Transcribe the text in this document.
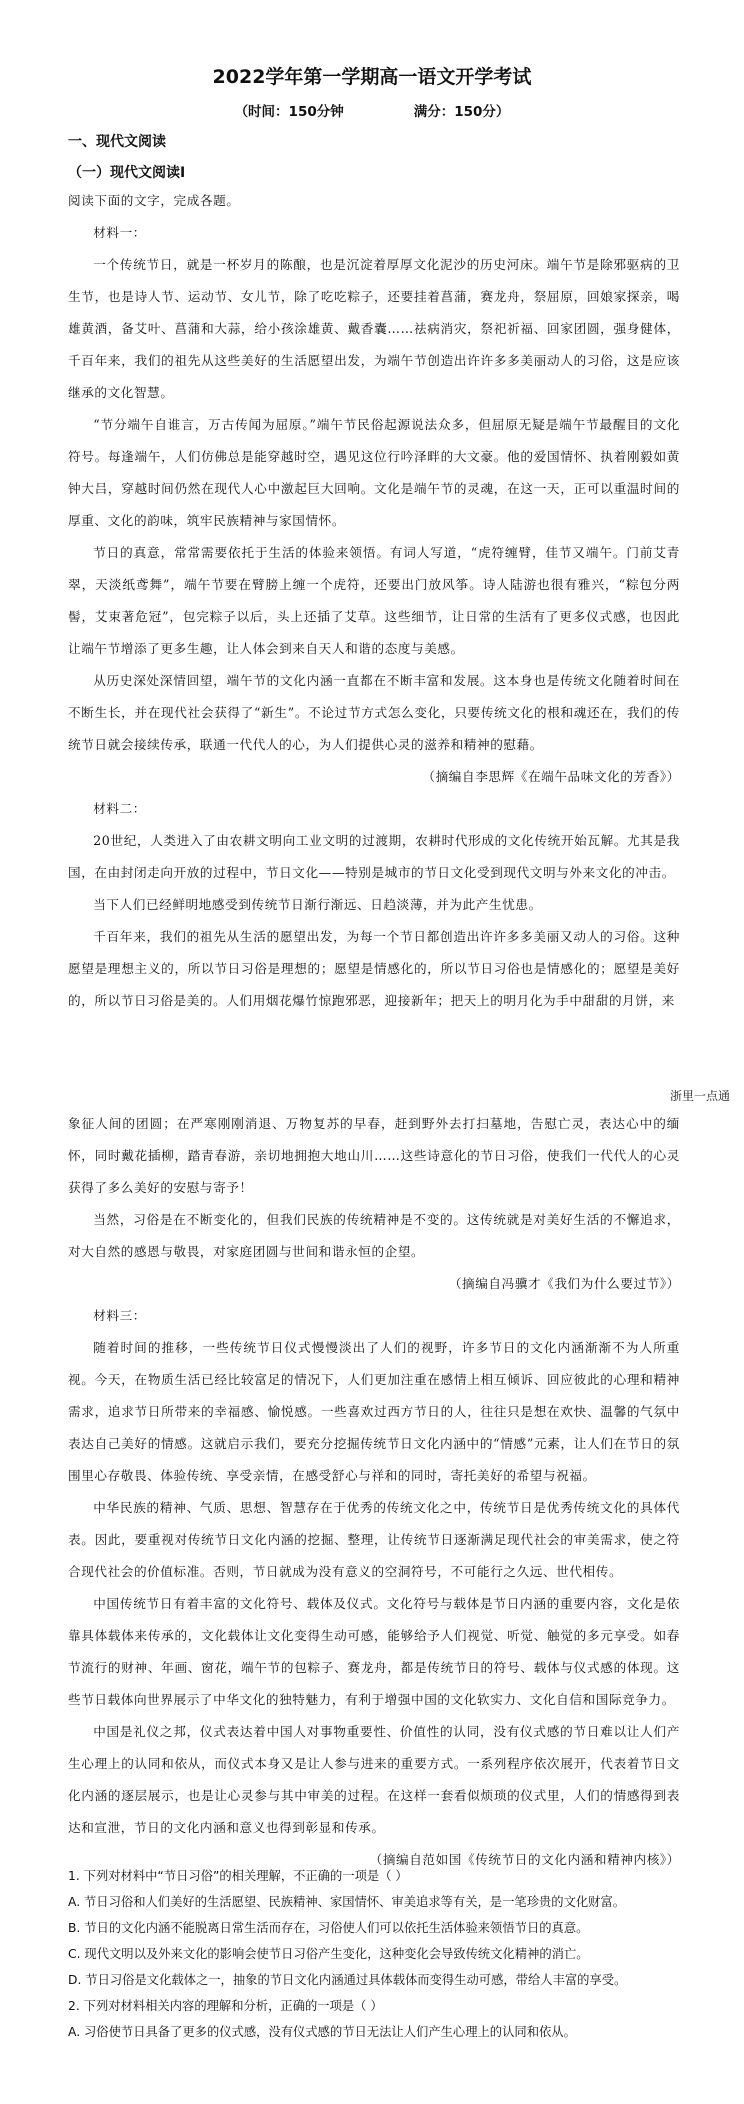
2022学年第一学期高一语文开学考试
（时间：150分钟	满分：150分）
一、现代文阅读
（一）现代文阅读Ⅰ

阅读下面的文字，完成各题。

材料一：

一个传统节日，就是一杯岁月的陈酿，也是沉淀着厚厚文化泥沙的历史河床。端午节是除邪驱病的卫生节，也是诗人节、运动节、女儿节，除了吃吃粽子，还要挂着菖蒲，赛龙舟，祭屈原，回娘家探亲，喝雄黄酒，备艾叶、菖蒲和大蒜，给小孩涂雄黄、戴香囊……祛病消灾，祭祀祈福、回家团圆，强身健体，千百年来，我们的祖先从这些美好的生活愿望出发，为端午节创造出许许多多美丽动人的习俗，这是应该继承的文化智慧。

“节分端午自谁言，万古传闻为屈原。”端午节民俗起源说法众多，但屈原无疑是端午节最醒目的文化符号。每逢端午，人们仿佛总是能穿越时空，遇见这位行吟泽畔的大文豪。他的爱国情怀、执着刚毅如黄钟大吕，穿越时间仍然在现代人心中激起巨大回响。文化是端午节的灵魂，在这一天，正可以重温时间的厚重、文化的韵味，筑牢民族精神与家国情怀。

节日的真意，常常需要依托于生活的体验来领悟。有词人写道，“虎符缠臂，佳节又端午。门前艾青翠，天淡纸鸢舞”，端午节要在臂膀上缠一个虎符，还要出门放风筝。诗人陆游也很有雅兴，“粽包分两髻，艾束著危冠”，包完粽子以后，头上还插了艾草。这些细节，让日常的生活有了更多仪式感，也因此让端午节增添了更多生趣，让人体会到来自天人和谐的态度与美感。

从历史深处深情回望，端午节的文化内涵一直都在不断丰富和发展。这本身也是传统文化随着时间在不断生长，并在现代社会获得了“新生”。不论过节方式怎么变化，只要传统文化的根和魂还在，我们的传统节日就会接续传承，联通一代代人的心，为人们提供心灵的滋养和精神的慰藉。

（摘编自李思辉《在端午品味文化的芳香》）

材料二：

20世纪，人类进入了由农耕文明向工业文明的过渡期，农耕时代形成的文化传统开始瓦解。尤其是我国，在由封闭走向开放的过程中，节日文化——特别是城市的节日文化受到现代文明与外来文化的冲击。

当下人们已经鲜明地感受到传统节日渐行渐远、日趋淡薄，并为此产生忧患。

千百年来，我们的祖先从生活的愿望出发，为每一个节日都创造出许许多多美丽又动人的习俗。这种愿望是理想主义的，所以节日习俗是理想的；愿望是情感化的，所以节日习俗也是情感化的；愿望是美好的，所以节日习俗是美的。人们用烟花爆竹惊跑邪恶，迎接新年；把天上的明月化为手中甜甜的月饼，来

浙里一点通

象征人间的团圆；在严寒刚刚消退、万物复苏的早春，赶到野外去打扫墓地，告慰亡灵，表达心中的缅怀，同时戴花插柳，踏青春游，亲切地拥抱大地山川……这些诗意化的节日习俗，使我们一代代人的心灵获得了多么美好的安慰与寄予！

当然，习俗是在不断变化的，但我们民族的传统精神是不变的。这传统就是对美好生活的不懈追求，对大自然的感恩与敬畏，对家庭团圆与世间和谐永恒的企望。

（摘编自冯骥才《我们为什么要过节》）

材料三：

随着时间的推移，一些传统节日仪式慢慢淡出了人们的视野，许多节日的文化内涵渐渐不为人所重视。今天，在物质生活已经比较富足的情况下，人们更加注重在感情上相互倾诉、回应彼此的心理和精神需求，追求节日所带来的幸福感、愉悦感。一些喜欢过西方节日的人，往往只是想在欢快、温馨的气氛中表达自己美好的情感。这就启示我们，要充分挖掘传统节日文化内涵中的“情感”元素，让人们在节日的氛围里心存敬畏、体验传统、享受亲情，在感受舒心与祥和的同时，寄托美好的希望与祝福。

中华民族的精神、气质、思想、智慧存在于优秀的传统文化之中，传统节日是优秀传统文化的具体代表。因此，要重视对传统节日文化内涵的挖掘、整理，让传统节日逐渐满足现代社会的审美需求，使之符合现代社会的价值标准。否则，节日就成为没有意义的空洞符号，不可能行之久远、世代相传。

中国传统节日有着丰富的文化符号、载体及仪式。文化符号与载体是节日内涵的重要内容，文化是依靠具体载体来传承的，文化载体让文化变得生动可感，能够给予人们视觉、听觉、触觉的多元享受。如春节流行的财神、年画、窗花，端午节的包粽子、赛龙舟，都是传统节日的符号、载体与仪式感的体现。这些节日载体向世界展示了中华文化的独特魅力，有利于增强中国的文化软实力、文化自信和国际竞争力。

中国是礼仪之邦，仪式表达着中国人对事物重要性、价值性的认同，没有仪式感的节日难以让人们产生心理上的认同和依从，而仪式本身又是让人参与进来的重要方式。一系列程序依次展开，代表着节日文化内涵的逐层展示，也是让心灵参与其中审美的过程。在这样一套看似烦琐的仪式里，人们的情感得到表达和宣泄，节日的文化内涵和意义也得到彰显和传承。

（摘编自范如国《传统节日的文化内涵和精神内核》）

1. 下列对材料中“节日习俗”的相关理解，不正确的一项是（ ）

A. 节日习俗和人们美好的生活愿望、民族精神、家国情怀、审美追求等有关，是一笔珍贵的文化财富。

B. 节日的文化内涵不能脱离日常生活而存在，习俗使人们可以依托生活体验来领悟节日的真意。

C. 现代文明以及外来文化的影响会使节日习俗产生变化，这种变化会导致传统文化精神的消亡。

D. 节日习俗是文化载体之一，抽象的节日文化内涵通过具体载体而变得生动可感，带给人丰富的享受。

2. 下列对材料相关内容的理解和分析，正确的一项是（ ）

A. 习俗使节日具备了更多的仪式感，没有仪式感的节日无法让人们产生心理上的认同和依从。
